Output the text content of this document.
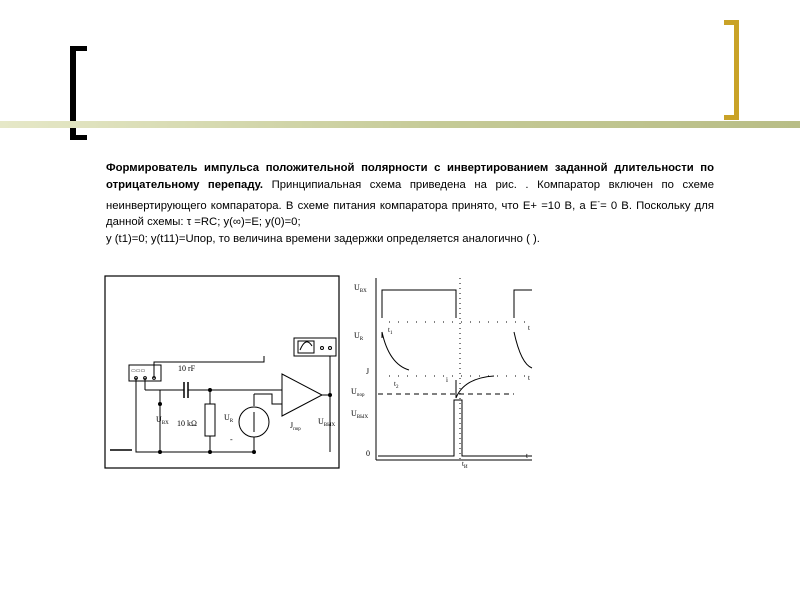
Формирователь импульса положительной полярности с инвертированием заданной длительности по отрицательному перепаду. Принципиальная схема приведена на рис. . Компаратор включен по схеме неинвертирующего компаратора. В схеме питания компаратора принято, что Е+ =10 В, а Е-= 0 В. Поскольку для данной схемы: τ =RC; y(∞)=E; y(0)=0;

y (t1)=0; y(t11)=Uпор, то величина времени задержки определяется аналогично ( ).

▭▭▭	10 rF
10 kΩ
$U_{BX}$
$U_R$
-
$U_{BЫX}$
$J_{пор}$
$U_{BX}$
$U_R$
J
$U_{пор}$
$U_{BЫX}$
0
$t_1$
$t_2$
t
t
t
i
$t_И$
